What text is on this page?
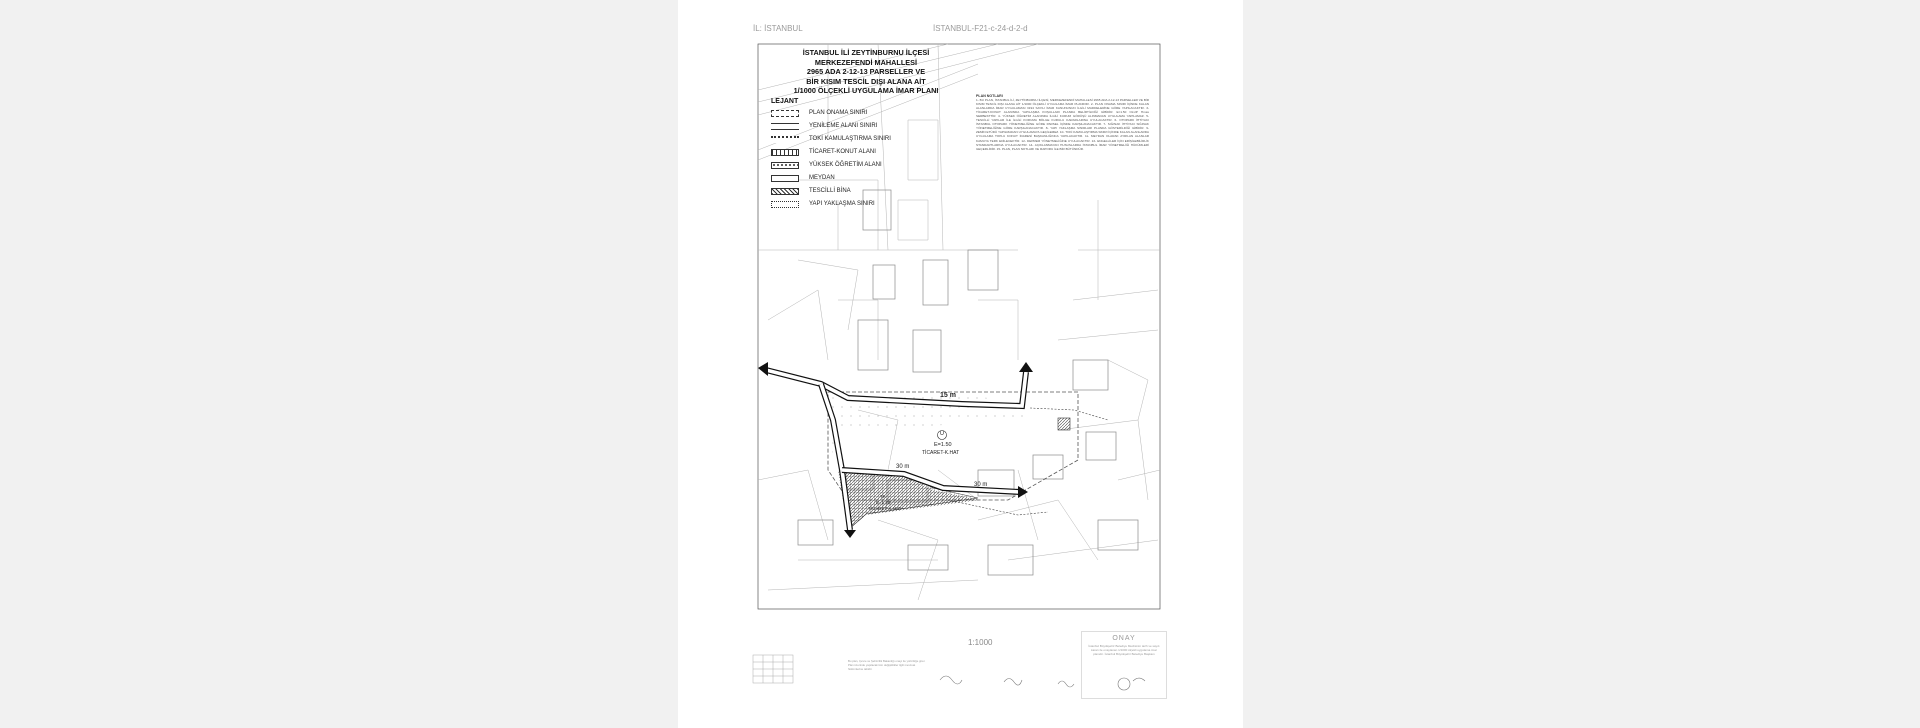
İL: İSTANBUL	İSTANBUL-F21-c-24-d-2-d
İSTANBUL İLİ ZEYTİNBURNU İLÇESİ
MERKEZEFENDİ MAHALLESİ
2965 ADA 2-12-13 PARSELLER VE
BİR KISIM TESCİL DIŞI ALANA AİT
1/1000 ÖLÇEKLİ UYGULAMA İMAR PLANI
LEJANT
PLAN ONAMA SINIRI
YENİLEME ALANI SINIRI
TOKİ KAMULAŞTIRMA SINIRI
TİCARET-KONUT ALANI
YÜKSEK ÖĞRETİM ALANI
MEYDAN
TESCİLLİ BİNA
YAPI YAKLAŞMA SINIRI
PLAN NOTLARI
1- BU PLAN, İSTANBUL İLİ, ZEYTİNBURNU İLÇESİ, MERKEZEFENDİ MAHALLESİ 2965 ADA 2-12-13 PARSELLER VE BİR KISIM TESCİL DIŞI ALANA AİT 1/1000 ÖLÇEKLİ UYGULAMA İMAR PLANIDIR. 2- PLAN ONAMA SINIRI İÇİNDE KALAN ALANLARDA İMAR UYGULAMASI 3194 SAYILI İMAR KANUNUNUN İLGİLİ MADDELERİNE GÖRE YAPILACAKTIR. 3- TİCARET-KONUT ALANINDA YAPILAŞMA KOŞULLARI PLANDA BELİRTİLDİĞİ GİBİDİR. E=1.50 OLUP Hmax SERBESTTİR. 4- YÜKSEK ÖĞRETİM ALANINDA İLGİLİ KURUM GÖRÜŞÜ ALINMADAN UYGULAMA YAPILAMAZ. 5- TESCİLLİ YAPILAR İLE İLGİLİ KORUMA BÖLGE KURULU KARARLARINA UYULACAKTIR. 6- OTOPARK İHTİYACI İSTANBUL OTOPARK YÖNETMELİĞİNE GÖRE PARSEL İÇİNDE KARŞILANACAKTIR. 7- SIĞINAK İHTİYACI SIĞINAK YÖNETMELİĞİNE GÖRE KARŞILANACAKTIR. 8- YAPI YAKLAŞMA SINIRLARI PLANDA GÖSTERİLDİĞİ GİBİDİR. 9- ZEMİN ETÜDÜ YAPILMADAN UYGULAMAYA GEÇİLEMEZ. 10- TOKİ KAMULAŞTIRMA SINIRI İÇİNDE KALAN ALANLARDA UYGULAMA TOPLU KONUT İDARESİ BAŞKANLIĞINCA YAPILACAKTIR. 11- MEYDAN OLARAK AYRILAN ALANLAR KAMUYA TERK EDİLECEKTİR. 12- DEPREM YÖNETMELİĞİNE UYULACAKTIR. 13- ENGELLİLER İÇİN ERİŞİLEBİLİRLİK STANDARTLARINA UYULACAKTIR. 14- AÇIKLANMAYAN HUSUSLARDA İSTANBUL İMAR YÖNETMELİĞİ HÜKÜMLERİ GEÇERLİDİR. 15- PLAN, PLAN NOTLARI VE RAPORU İLE BİR BÜTÜNDÜR.
15 m
Ü
E=1.50
TİCARET-K.HAT
30 m
30 m
TK
E=1.50
TİCARET-K.HAT
1:1000
Bu plan, Çevre ve Şehircilik Bakanlığı onayı ile yürürlüğe girer. Plan üzerinde yapılacak tüm değişiklikler ilgili mevzuat hükümlerine tabidir.
ONAY
İstanbul Büyükşehir Belediye Meclisinin tarih ve sayılı kararı ile onaylanan 1/1000 ölçekli uygulama imar planıdır. İstanbul Büyükşehir Belediye Başkanı
